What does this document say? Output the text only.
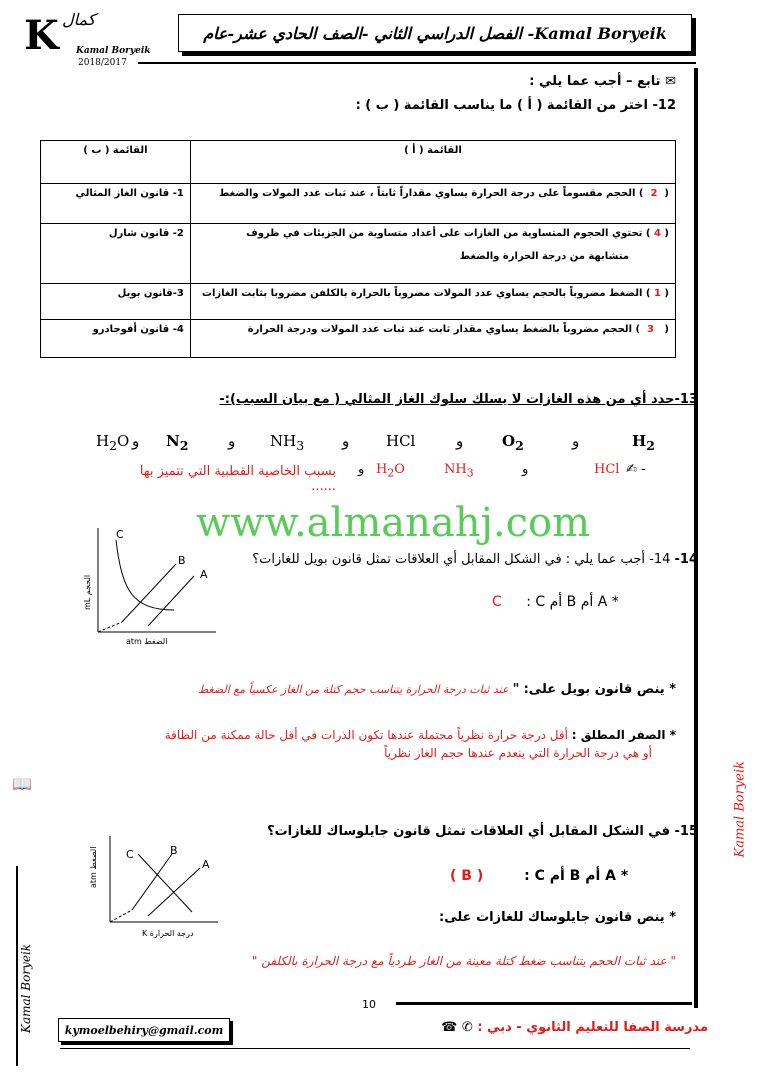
K كمال
Kamal Boryeik
2018/2017
Kamal Boryeik- الفصل الدراسي الثاني -الصف الحادي عشر-عام
✉ تابع – أجب عما يلي :
12- اختر من القائمة ( أ ) ما يناسب القائمة ( ب ) :
القائمة ( أ )	القائمة ( ب )
(  2  ) الحجم مقسوماً على درجة الحرارة يساوي مقداراً ثابتاً ، عند ثبات عدد المولات والضغط	1- قانون الغاز المثالي
( 4 ) تحتوي الحجوم المتساوية من الغازات على أعداد متساوية من الجزيئات في ظروف
متشابهة من درجة الحرارة والضغط	2- قانون شارل
( 1 ) الضغط مضروباً بالحجم يساوي عدد المولات مضروباً بالحرارة بالكلفن مضروبا بثابت الغازات	3-قانون بويل
(   3  ) الحجم مضروباً بالضغط يساوي مقدار ثابت عند ثبات عدد المولات ودرجة الحرارة	4- قانون أفوجادرو
13-حدد أي من هذه الغازات لا يسلك سلوك الغاز المثالي ( مع بيان السبب):-
$H_2O$ و $N_2$	و $NH_3$	و HCl	و	$O_2$	و	$H_2$
بسبب الخاصية القطبية التي تتميز بها ......
$H_2O$
و	$NH_3$	و	HCl ✍ -
www.almanahj.com
C
B
A
mL الحجم
atm الضغط
14- 14- أجب عما يلي : في الشكل المقابل أي العلاقات تمثل قانون بويل للغازات؟
C * A أم B أم C :
* ينص قانون بويل على: " عند ثبات درجة الحرارة يتناسب حجم كتلة من الغاز عكسياً مع الضغط
* الصفر المطلق : أقل درجة حرارة نظرياً محتملة عندها تكون الذرات في أقل حالة ممكنة من الطاقة
أو هي درجة الحرارة التي ينعدم عندها حجم الغاز نظرياً
📖
Kamal Boryeik
Kamal Boryeik
C	B
A
atm الضغط
K درجة الحرارة
15- في الشكل المقابل أي العلاقات تمثل قانون جايلوساك للغازات؟
( B )	* A أم B أم C :
* ينص قانون جايلوساك للغازات على:
" عند ثبات الحجم يتناسب ضغط كتلة معينة من الغاز طردياً مع درجة الحرارة بالكلفن "
10
kymoelbehiry@gmail.com	مدرسة الصفا للتعليم الثانوي - دبي : ✆ ☎
